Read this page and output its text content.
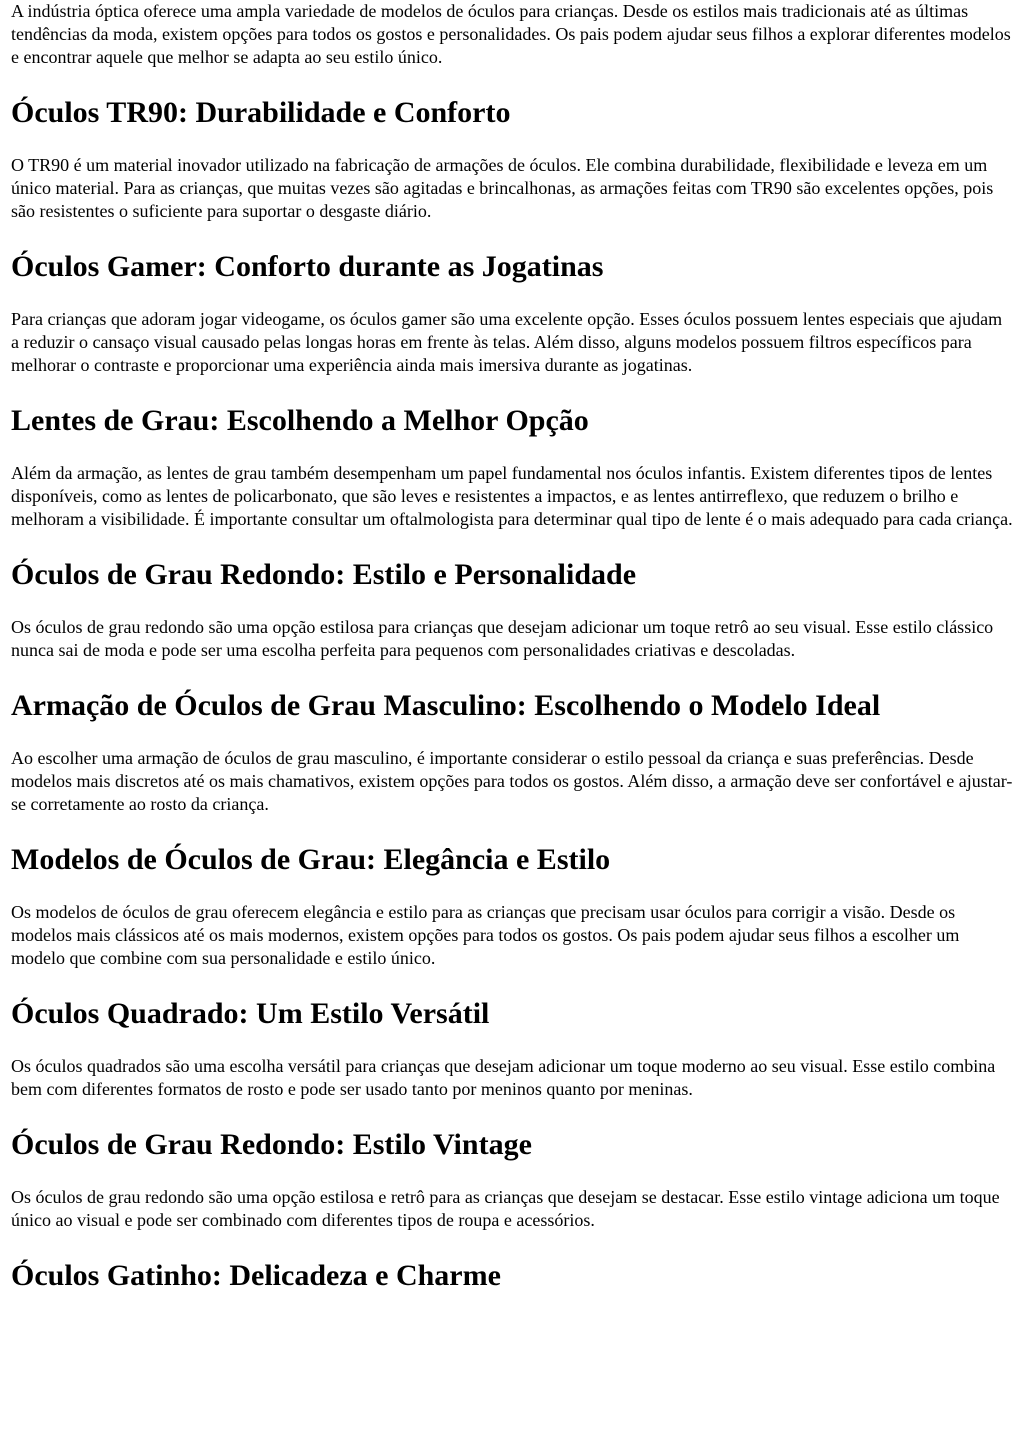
A indústria óptica oferece uma ampla variedade de modelos de óculos para crianças. Desde os estilos mais tradicionais até as últimas tendências da moda, existem opções para todos os gostos e personalidades. Os pais podem ajudar seus filhos a explorar diferentes modelos e encontrar aquele que melhor se adapta ao seu estilo único.

Óculos TR90: Durabilidade e Conforto

O TR90 é um material inovador utilizado na fabricação de armações de óculos. Ele combina durabilidade, flexibilidade e leveza em um único material. Para as crianças, que muitas vezes são agitadas e brincalhonas, as armações feitas com TR90 são excelentes opções, pois são resistentes o suficiente para suportar o desgaste diário.

Óculos Gamer: Conforto durante as Jogatinas

Para crianças que adoram jogar videogame, os óculos gamer são uma excelente opção. Esses óculos possuem lentes especiais que ajudam a reduzir o cansaço visual causado pelas longas horas em frente às telas. Além disso, alguns modelos possuem filtros específicos para melhorar o contraste e proporcionar uma experiência ainda mais imersiva durante as jogatinas.

Lentes de Grau: Escolhendo a Melhor Opção

Além da armação, as lentes de grau também desempenham um papel fundamental nos óculos infantis. Existem diferentes tipos de lentes disponíveis, como as lentes de policarbonato, que são leves e resistentes a impactos, e as lentes antirreflexo, que reduzem o brilho e melhoram a visibilidade. É importante consultar um oftalmologista para determinar qual tipo de lente é o mais adequado para cada criança.

Óculos de Grau Redondo: Estilo e Personalidade

Os óculos de grau redondo são uma opção estilosa para crianças que desejam adicionar um toque retrô ao seu visual. Esse estilo clássico nunca sai de moda e pode ser uma escolha perfeita para pequenos com personalidades criativas e descoladas.

Armação de Óculos de Grau Masculino: Escolhendo o Modelo Ideal

Ao escolher uma armação de óculos de grau masculino, é importante considerar o estilo pessoal da criança e suas preferências. Desde modelos mais discretos até os mais chamativos, existem opções para todos os gostos. Além disso, a armação deve ser confortável e ajustar-se corretamente ao rosto da criança.

Modelos de Óculos de Grau: Elegância e Estilo

Os modelos de óculos de grau oferecem elegância e estilo para as crianças que precisam usar óculos para corrigir a visão. Desde os modelos mais clássicos até os mais modernos, existem opções para todos os gostos. Os pais podem ajudar seus filhos a escolher um modelo que combine com sua personalidade e estilo único.

Óculos Quadrado: Um Estilo Versátil

Os óculos quadrados são uma escolha versátil para crianças que desejam adicionar um toque moderno ao seu visual. Esse estilo combina bem com diferentes formatos de rosto e pode ser usado tanto por meninos quanto por meninas.

Óculos de Grau Redondo: Estilo Vintage

Os óculos de grau redondo são uma opção estilosa e retrô para as crianças que desejam se destacar. Esse estilo vintage adiciona um toque único ao visual e pode ser combinado com diferentes tipos de roupa e acessórios.

Óculos Gatinho: Delicadeza e Charme
